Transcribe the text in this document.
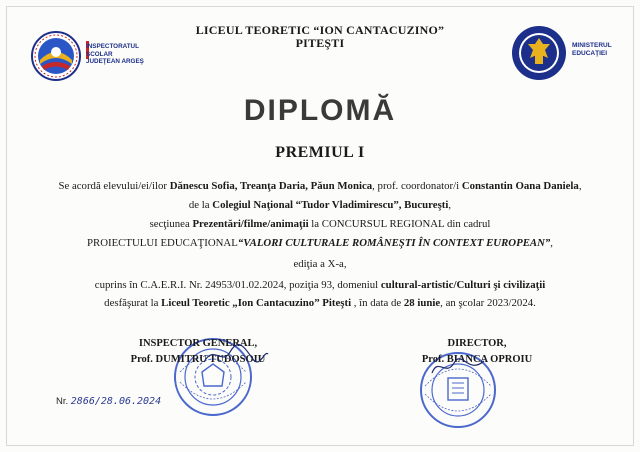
INSPECTORATUL ŞCOLAR
JUDEŢEAN ARGEŞ
LICEUL TEORETIC “ION CANTACUZINO”
PITEŞTI	MINISTERUL
EDUCAŢIEI
DIPLOMĂ
PREMIUL I
Se acordă elevului/ei/ilor Dănescu Sofia, Treanţa Daria, Păun Monica, prof. coordonator/i Constantin Oana Daniela,
de la Colegiul Naţional “Tudor Vladimirescu”, Bucureşti,
secţiunea Prezentări/filme/animaţii la CONCURSUL REGIONAL din cadrul
PROIECTULUI EDUCAŢIONAL“VALORI CULTURALE ROMÂNEŞTI ÎN CONTEXT EUROPEAN”,
ediţia a X-a,
cuprins în C.A.E.R.I. Nr. 24953/01.02.2024, poziţia 93, domeniul cultural-artistic/Culturi şi civilizaţii
desfăşurat la Liceul Teoretic „Ion Cantacuzino” Piteşti , în data de 28 iunie, an şcolar 2023/2024.
INSPECTOR GENERAL,
Prof. DUMITRU TUDOSOIU
DIRECTOR,
Prof. BIANCA OPROIU
Nr. 2866/28.06.2024
